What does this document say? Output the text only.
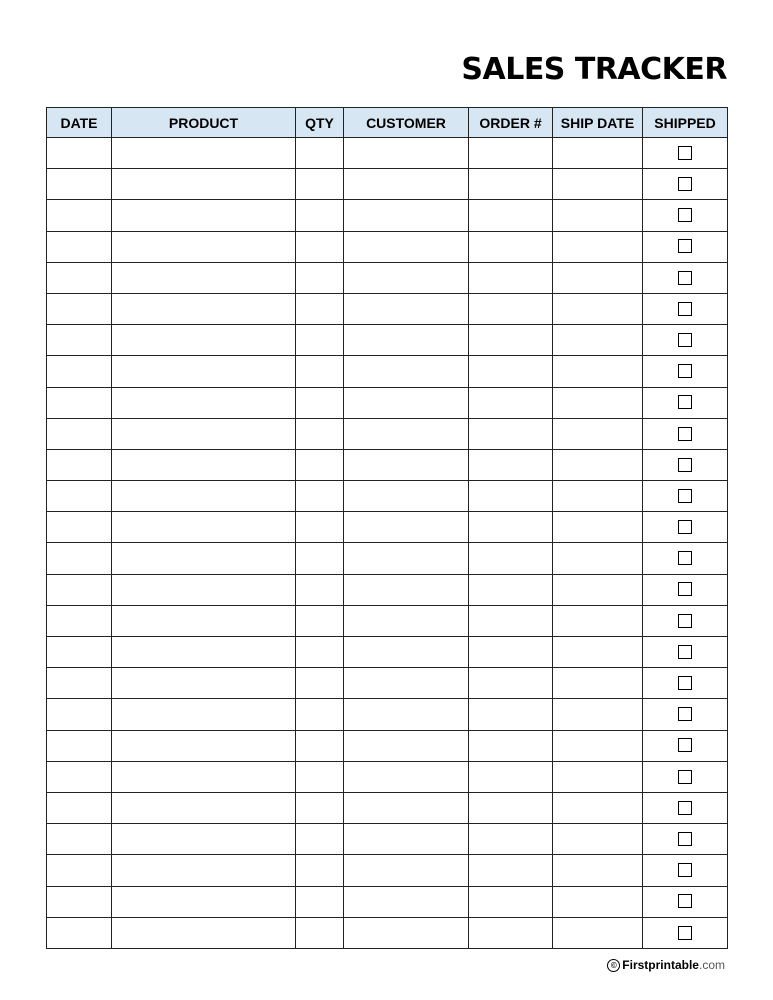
SALES TRACKER
DATE	PRODUCT	QTY	CUSTOMER	ORDER #	SHIP DATE	SHIPPED

© Firstprintable .com
